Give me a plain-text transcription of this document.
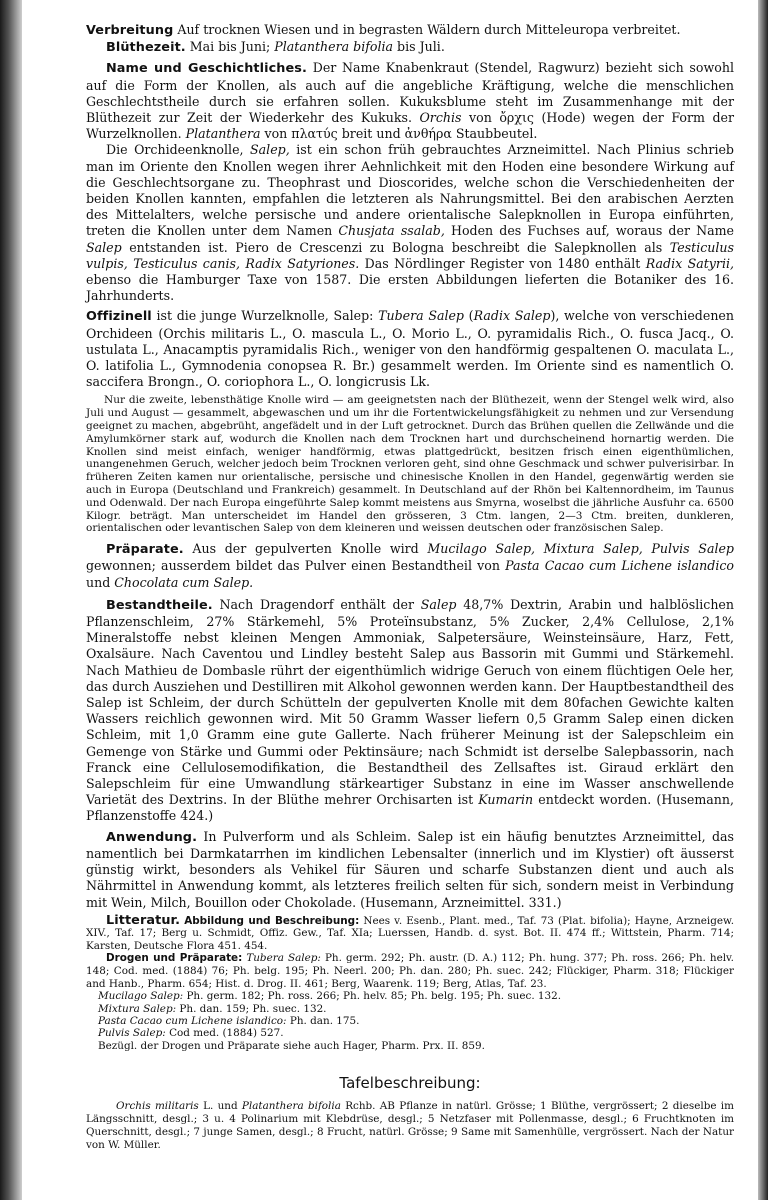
Verbreitung Auf trocknen Wiesen und in begrasten Wäldern durch Mitteleuropa verbreitet.

Blüthezeit. Mai bis Juni; Platanthera bifolia bis Juli.

Name und Geschichtliches. Der Name Knabenkraut (Stendel, Ragwurz) bezieht sich sowohl auf die Form der Knollen, als auch auf die angebliche Kräftigung, welche die menschlichen Geschlechtstheile durch sie erfahren sollen. Kukuksblume steht im Zusammenhange mit der Blüthezeit zur Zeit der Wiederkehr des Kukuks. Orchis von ὄρχις (Hode) wegen der Form der Wurzelknollen. Platanthera von πλατύς breit und ἀνθήρα Staubbeutel.

Die Orchideenknolle, Salep, ist ein schon früh gebrauchtes Arzneimittel. Nach Plinius schrieb man im Oriente den Knollen wegen ihrer Aehnlichkeit mit den Hoden eine besondere Wirkung auf die Geschlechtsorgane zu. Theophrast und Dioscorides, welche schon die Verschiedenheiten der beiden Knollen kannten, empfahlen die letzteren als Nahrungsmittel. Bei den arabischen Aerzten des Mittelalters, welche persische und andere orientalische Salepknollen in Europa einführten, treten die Knollen unter dem Namen Chusjata ssalab, Hoden des Fuchses auf, woraus der Name Salep entstanden ist. Piero de Crescenzi zu Bologna beschreibt die Salepknollen als Testiculus vulpis, Testiculus canis, Radix Satyriones. Das Nördlinger Register von 1480 enthält Radix Satyrii, ebenso die Hamburger Taxe von 1587. Die ersten Abbildungen lieferten die Botaniker des 16. Jahrhunderts.

Offizinell ist die junge Wurzelknolle, Salep: Tubera Salep (Radix Salep), welche von verschiedenen Orchideen (Orchis militaris L., O. mascula L., O. Morio L., O. pyramidalis Rich., O. fusca Jacq., O. ustulata L., Anacamptis pyramidalis Rich., weniger von den handförmig gespaltenen O. maculata L., O. latifolia L., Gymnodenia conopsea R. Br.) gesammelt werden. Im Oriente sind es namentlich O. saccifera Brongn., O. coriophora L., O. longicrusis Lk.

Nur die zweite, lebensthätige Knolle wird — am geeignetsten nach der Blüthezeit, wenn der Stengel welk wird, also Juli und August — gesammelt, abgewaschen und um ihr die Fortentwickelungsfähigkeit zu nehmen und zur Versendung geeignet zu machen, abgebrüht, angefädelt und in der Luft getrocknet. Durch das Brühen quellen die Zellwände und die Amylumkörner stark auf, wodurch die Knollen nach dem Trocknen hart und durchscheinend hornartig werden. Die Knollen sind meist einfach, weniger handförmig, etwas plattgedrückt, besitzen frisch einen eigenthümlichen, unangenehmen Geruch, welcher jedoch beim Trocknen verloren geht, sind ohne Geschmack und schwer pulverisirbar. In früheren Zeiten kamen nur orientalische, persische und chinesische Knollen in den Handel, gegenwärtig werden sie auch in Europa (Deutschland und Frankreich) gesammelt. In Deutschland auf der Rhön bei Kaltennordheim, im Taunus und Odenwald. Der nach Europa eingeführte Salep kommt meistens aus Smyrna, woselbst die jährliche Ausfuhr ca. 6500 Kilogr. beträgt. Man unterscheidet im Handel den grösseren, 3 Ctm. langen, 2—3 Ctm. breiten, dunkleren, orientalischen oder levantischen Salep von dem kleineren und weissen deutschen oder französischen Salep.

Präparate. Aus der gepulverten Knolle wird Mucilago Salep, Mixtura Salep, Pulvis Salep gewonnen; ausserdem bildet das Pulver einen Bestandtheil von Pasta Cacao cum Lichene islandico und Chocolata cum Salep.

Bestandtheile. Nach Dragendorf enthält der Salep 48,7% Dextrin, Arabin und halblöslichen Pflanzenschleim, 27% Stärkemehl, 5% Proteïnsubstanz, 5% Zucker, 2,4% Cellulose, 2,1% Mineralstoffe nebst kleinen Mengen Ammoniak, Salpetersäure, Weinsteinsäure, Harz, Fett, Oxalsäure. Nach Caventou und Lindley besteht Salep aus Bassorin mit Gummi und Stärkemehl. Nach Mathieu de Dombasle rührt der eigenthümlich widrige Geruch von einem flüchtigen Oele her, das durch Ausziehen und Destilliren mit Alkohol gewonnen werden kann. Der Hauptbestandtheil des Salep ist Schleim, der durch Schütteln der gepulverten Knolle mit dem 80fachen Gewichte kalten Wassers reichlich gewonnen wird. Mit 50 Gramm Wasser liefern 0,5 Gramm Salep einen dicken Schleim, mit 1,0 Gramm eine gute Gallerte. Nach früherer Meinung ist der Salepschleim ein Gemenge von Stärke und Gummi oder Pektinsäure; nach Schmidt ist derselbe Salepbassorin, nach Franck eine Cellulosemodifikation, die Bestandtheil des Zellsaftes ist. Giraud erklärt den Salepschleim für eine Umwandlung stärkeartiger Substanz in eine im Wasser anschwellende Varietät des Dextrins. In der Blüthe mehrer Orchisarten ist Kumarin entdeckt worden. (Husemann, Pflanzenstoffe 424.)

Anwendung. In Pulverform und als Schleim. Salep ist ein häufig benutztes Arzneimittel, das namentlich bei Darmkatarrhen im kindlichen Lebensalter (innerlich und im Klystier) oft äusserst günstig wirkt, besonders als Vehikel für Säuren und scharfe Substanzen dient und auch als Nährmittel in Anwendung kommt, als letzteres freilich selten für sich, sondern meist in Verbindung mit Wein, Milch, Bouillon oder Chokolade. (Husemann, Arzneimittel. 331.)

Litteratur. Abbildung und Beschreibung: Nees v. Esenb., Plant. med., Taf. 73 (Plat. bifolia); Hayne, Arzneigew. XIV., Taf. 17; Berg u. Schmidt, Offiz. Gew., Taf. XIa; Luerssen, Handb. d. syst. Bot. II. 474 ff.; Wittstein, Pharm. 714; Karsten, Deutsche Flora 451. 454.

Drogen und Präparate: Tubera Salep: Ph. germ. 292; Ph. austr. (D. A.) 112; Ph. hung. 377; Ph. ross. 266; Ph. helv. 148; Cod. med. (1884) 76; Ph. belg. 195; Ph. Neerl. 200; Ph. dan. 280; Ph. suec. 242; Flückiger, Pharm. 318; Flückiger and Hanb., Pharm. 654; Hist. d. Drog. II. 461; Berg, Waarenk. 119; Berg, Atlas, Taf. 23.

Mucilago Salep: Ph. germ. 182; Ph. ross. 266; Ph. helv. 85; Ph. belg. 195; Ph. suec. 132.

Mixtura Salep: Ph. dan. 159; Ph. suec. 132.

Pasta Cacao cum Lichene islandico: Ph. dan. 175.

Pulvis Salep: Cod med. (1884) 527.

Bezügl. der Drogen und Präparate siehe auch Hager, Pharm. Prx. II. 859.

Tafelbeschreibung:

Orchis militaris L. und Platanthera bifolia Rchb. AB Pflanze in natürl. Grösse; 1 Blüthe, vergrössert; 2 dieselbe im Längsschnitt, desgl.; 3 u. 4 Polinarium mit Klebdrüse, desgl.; 5 Netzfaser mit Pollenmasse, desgl.; 6 Fruchtknoten im Querschnitt, desgl.; 7 junge Samen, desgl.; 8 Frucht, natürl. Grösse; 9 Same mit Samenhülle, vergrössert. Nach der Natur von W. Müller.
